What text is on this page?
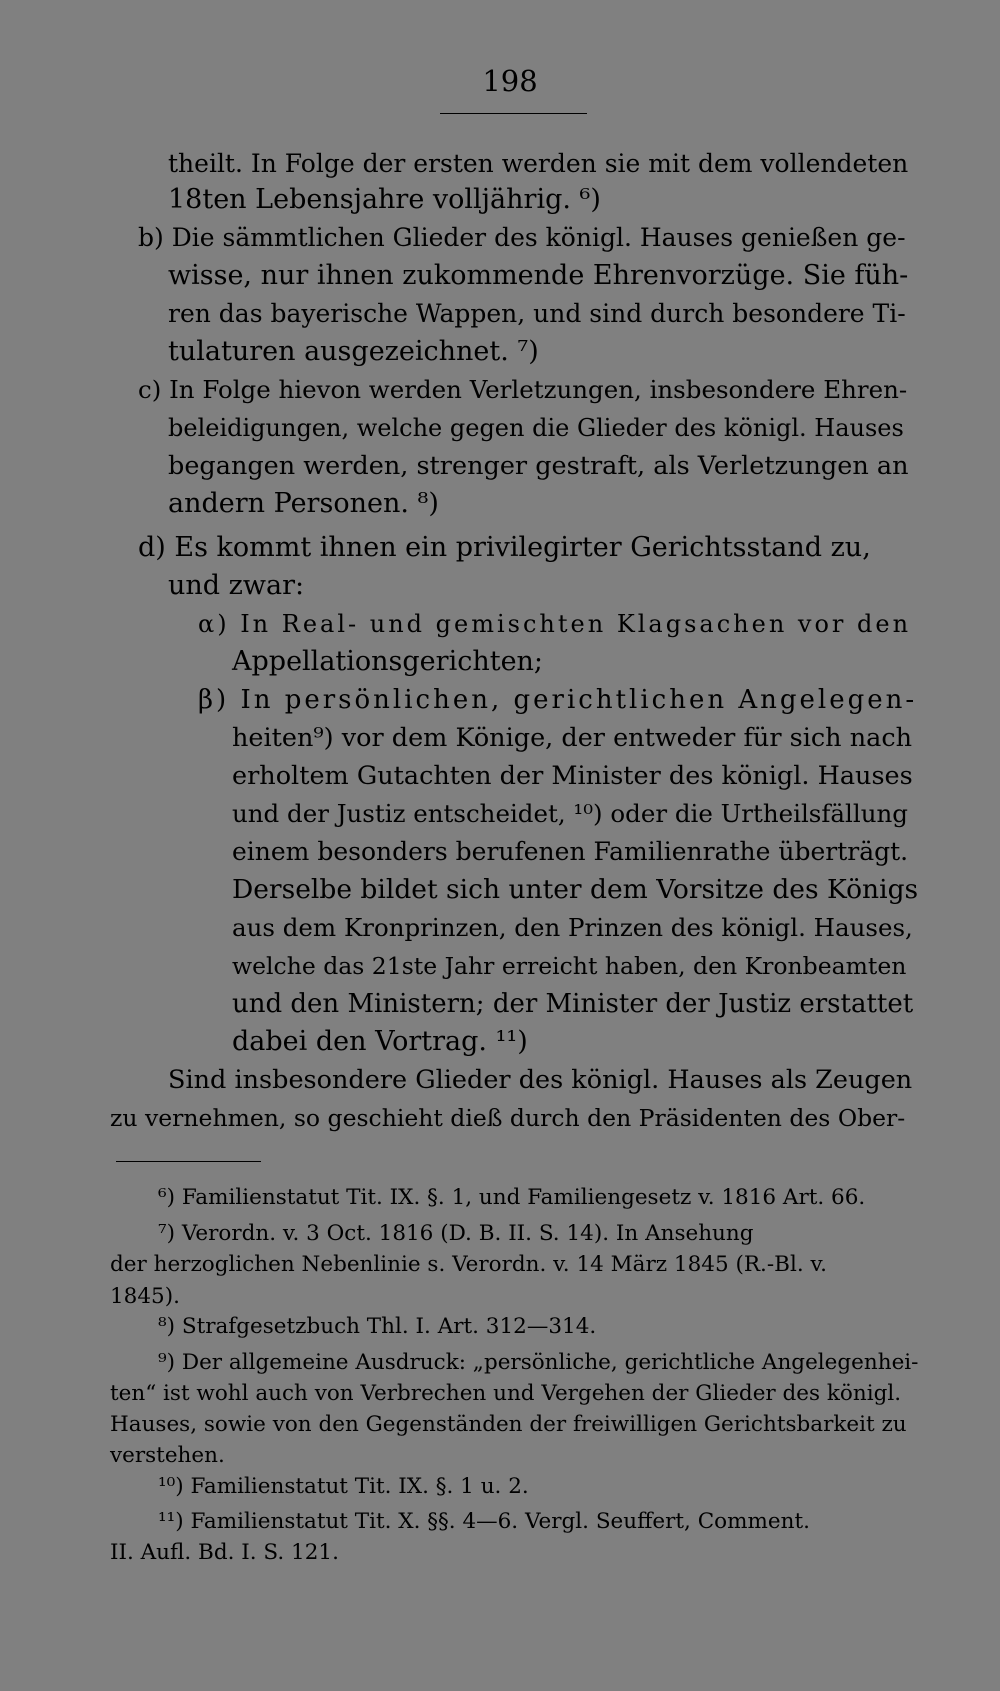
198
theilt. In Folge der ersten werden sie mit dem vollendeten
18ten Lebensjahre volljährig. ⁶)
b) Die sämmtlichen Glieder des königl. Hauses genießen ge-
wisse, nur ihnen zukommende Ehrenvorzüge. Sie füh-
ren das bayerische Wappen, und sind durch besondere Ti-
tulaturen ausgezeichnet. ⁷)
c) In Folge hievon werden Verletzungen, insbesondere Ehren-
beleidigungen, welche gegen die Glieder des königl. Hauses
begangen werden, strenger gestraft, als Verletzungen an
andern Personen. ⁸)
d) Es kommt ihnen ein privilegirter Gerichtsstand zu,
und zwar:
α) In Real- und gemischten Klagsachen vor den
Appellationsgerichten;
β) In persönlichen, gerichtlichen Angelegen-
heiten⁹) vor dem Könige, der entweder für sich nach
erholtem Gutachten der Minister des königl. Hauses
und der Justiz entscheidet, ¹⁰) oder die Urtheilsfällung
einem besonders berufenen Familienrathe überträgt.
Derselbe bildet sich unter dem Vorsitze des Königs
aus dem Kronprinzen, den Prinzen des königl. Hauses,
welche das 21ste Jahr erreicht haben, den Kronbeamten
und den Ministern; der Minister der Justiz erstattet
dabei den Vortrag. ¹¹)
Sind insbesondere Glieder des königl. Hauses als Zeugen
zu vernehmen, so geschieht dieß durch den Präsidenten des Ober-
⁶) Familienstatut Tit. IX. §. 1, und Familiengesetz v. 1816 Art. 66.
⁷) Verordn. v. 3 Oct. 1816 (D. B. II. S. 14). In Ansehung
der herzoglichen Nebenlinie s. Verordn. v. 14 März 1845 (R.-Bl. v.
1845).
⁸) Strafgesetzbuch Thl. I. Art. 312—314.
⁹) Der allgemeine Ausdruck: „persönliche, gerichtliche Angelegenhei-
ten“ ist wohl auch von Verbrechen und Vergehen der Glieder des königl.
Hauses, sowie von den Gegenständen der freiwilligen Gerichtsbarkeit zu
verstehen.
¹⁰) Familienstatut Tit. IX. §. 1 u. 2.
¹¹) Familienstatut Tit. X. §§. 4—6. Vergl. Seuffert, Comment.
II. Aufl. Bd. I. S. 121.
